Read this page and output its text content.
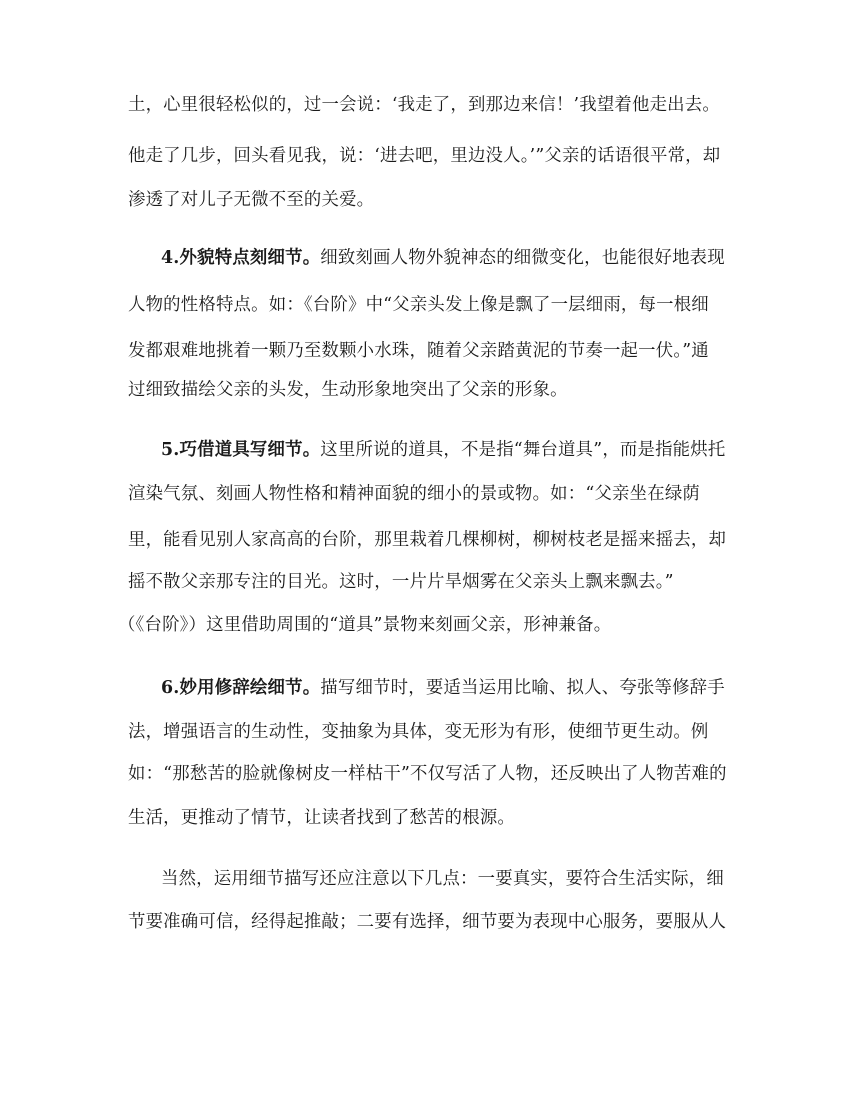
土，心里很轻松似的，过一会说：‘我走了，到那边来信！’我望着他走出去。
他走了几步，回头看见我，说：‘进去吧，里边没人。’”父亲的话语很平常，却
渗透了对儿子无微不至的关爱。
4.外貌特点刻细节。细致刻画人物外貌神态的细微变化，也能很好地表现
人物的性格特点。如：《台阶》中“父亲头发上像是飘了一层细雨，每一根细
发都艰难地挑着一颗乃至数颗小水珠，随着父亲踏黄泥的节奏一起一伏。”通
过细致描绘父亲的头发，生动形象地突出了父亲的形象。
5.巧借道具写细节。这里所说的道具，不是指“舞台道具”，而是指能烘托
渲染气氛、刻画人物性格和精神面貌的细小的景或物。如：“父亲坐在绿荫
里，能看见别人家高高的台阶，那里栽着几棵柳树，柳树枝老是摇来摇去，却
摇不散父亲那专注的目光。这时，一片片旱烟雾在父亲头上飘来飘去。”
（《台阶》）这里借助周围的“道具”景物来刻画父亲，形神兼备。
6.妙用修辞绘细节。描写细节时，要适当运用比喻、拟人、夸张等修辞手
法，增强语言的生动性，变抽象为具体，变无形为有形，使细节更生动。例
如：“那愁苦的脸就像树皮一样枯干”不仅写活了人物，还反映出了人物苦难的
生活，更推动了情节，让读者找到了愁苦的根源。
当然，运用细节描写还应注意以下几点：一要真实，要符合生活实际，细
节要准确可信，经得起推敲；二要有选择，细节要为表现中心服务，要服从人
